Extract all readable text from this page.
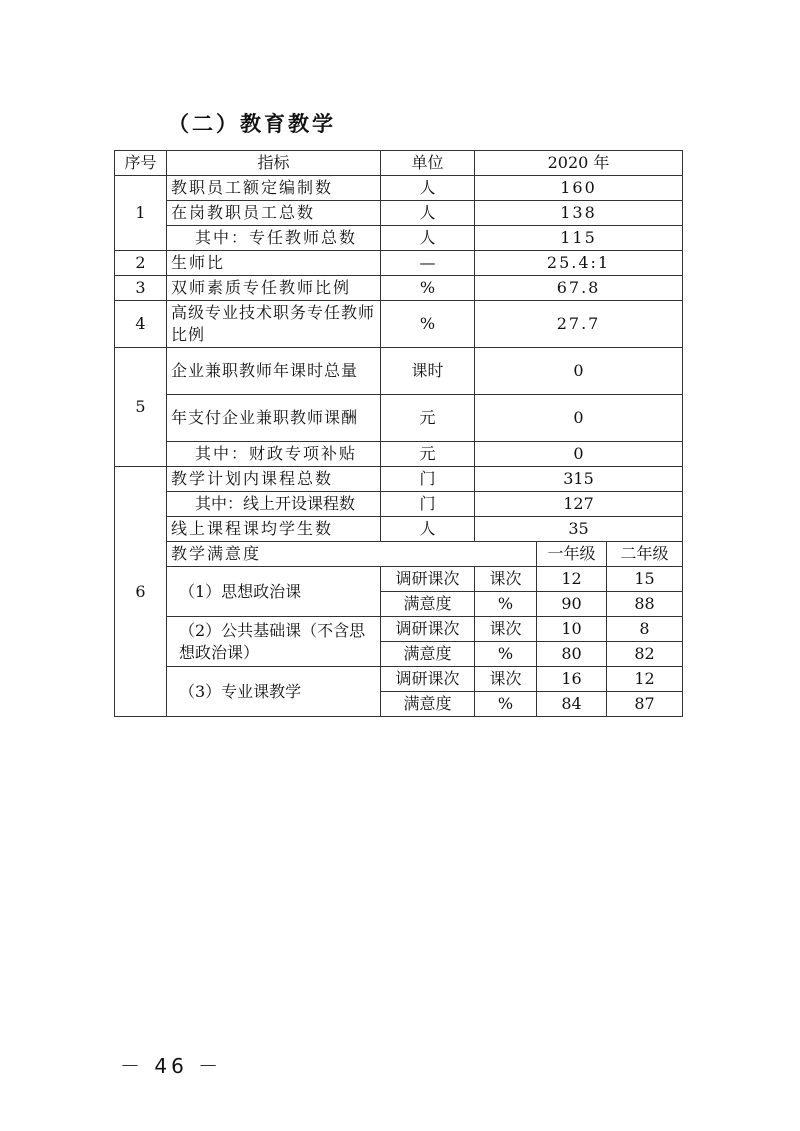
（二）教育教学
序号	指标	单位	2020 年		
1	教职员工额定编制数	人	160		
	在岗教职员工总数	人	138		
	其中：专任教师总数	人	115		
2	生师比	—	25.4:1		
3	双师素质专任教师比例	%	67.8		
4	高级专业技术职务专任教师比例	%	27.7		
5	企业兼职教师年课时总量	课时	0		
	年支付企业兼职教师课酬	元	0		
	其中：财政专项补贴	元	0		
6	教学计划内课程总数	门	315		
	其中：线上开设课程数	门	127		
	线上课程课均学生数	人	35		
	教学满意度			一年级	二年级
	（1）思想政治课	调研课次	课次	12	15
		满意度	%	90	88
	（2）公共基础课（不含思想政治课）	调研课次	课次	10	8
		满意度	%	80	82
	（3）专业课教学	调研课次	课次	16	12
		满意度	%	84	87
－ 46 －
